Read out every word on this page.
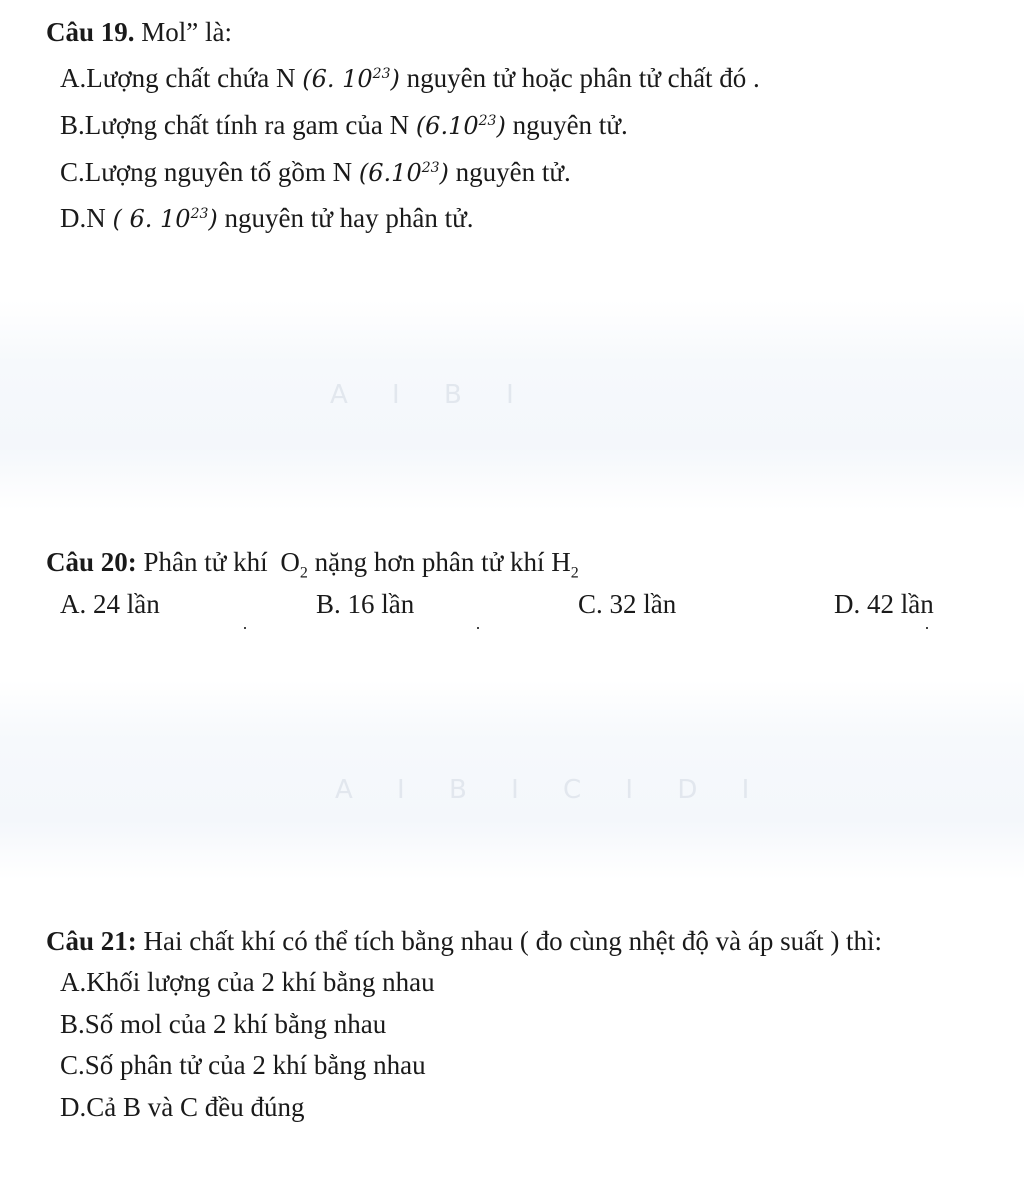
A I B I
A I B I C I D I
Câu 19. Mol” là:
A.Lượng chất chứa N (6. $10^{23}$) nguyên tử hoặc phân tử chất đó .
B.Lượng chất tính ra gam của N (6.10$^{23}$) nguyên tử.
C.Lượng nguyên tố gồm N (6.10$^{23}$) nguyên tử.
D.N ( 6. $10^{23}$) nguyên tử hay phân tử.
Câu 20: Phân tử khí $O_2$ nặng hơn phân tử khí $H_2$
A. 24 lần	B. 16 lần	C. 32 lần	D. 42 lần
Câu 21: Hai chất khí có thể tích bằng nhau ( đo cùng nhệt độ và áp suất ) thì:
A.Khối lượng của 2 khí bằng nhau
B.Số mol của 2 khí bằng nhau
C.Số phân tử của 2 khí bằng nhau
D.Cả B và C đều đúng
